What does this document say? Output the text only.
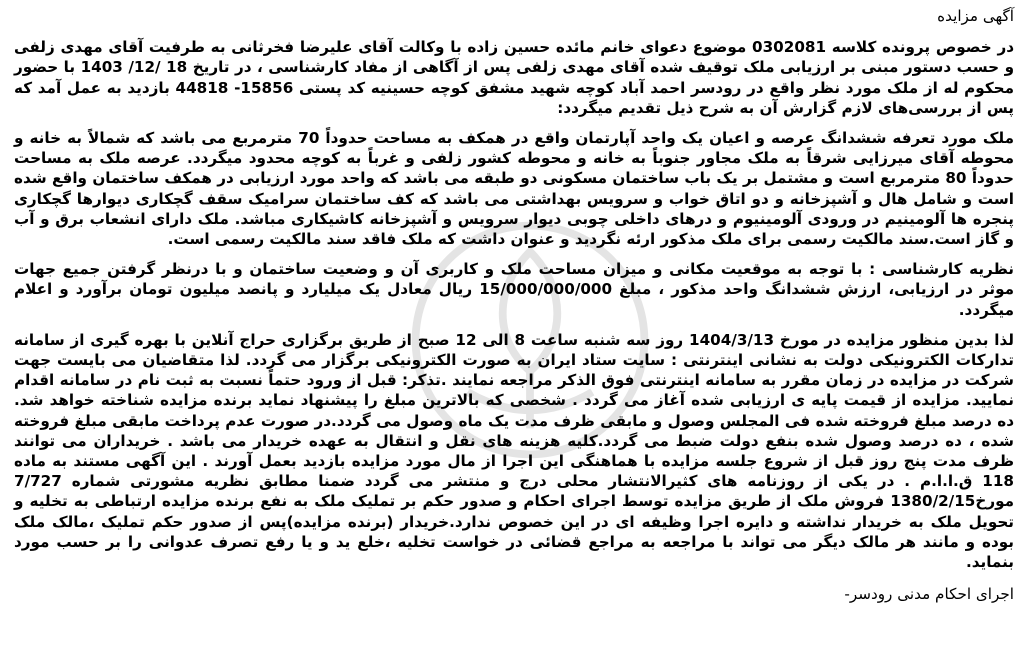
آگهی مزایده
در خصوص پرونده کلاسه 0302081 موضوع دعوای خانم مائده حسین زاده با وکالت آقای علیرضا فخرثانی به طرفیت آقای مهدی زلفی و حسب دستور مبنی بر ارزیابی ملک توقیف شده آقای مهدی زلفی پس از آگاهی از مفاد کارشناسی ، در تاریخ 18 /12/ 1403 با حضور محکوم له از ملک مورد نظر واقع در رودسر احمد آباد کوچه شهید مشفق کوچه حسینیه کد پستی 15856- 44818 بازدید به عمل آمد که پس از بررسی‌های لازم گزارش آن به شرح ذیل تقدیم میگردد:
ملک مورد تعرفه ششدانگ عرصه و اعیان یک واحد آپارتمان واقع در همکف به مساحت حدوداً 70 مترمربع می باشد که شمالاً به خانه و محوطه آقای میرزایی شرقاً به ملک مجاور جنوباً به خانه و محوطه کشور زلفی و غرباً به کوچه محدود میگردد. عرصه ملک به مساحت حدوداً 80 مترمربع است و مشتمل بر یک باب ساختمان مسکونی دو طبقه می باشد که واحد مورد ارزیابی در همکف ساختمان واقع شده است و شامل هال و آشپزخانه و دو اتاق خواب و سرویس بهداشتی می باشد که کف ساختمان سرامیک سقف گچکاری دیوارها گچکاری پنجره ها آلومینیم در ورودی آلومینیوم و درهای داخلی چوبی دیوار سرویس و آشپزخانه کاشیکاری مباشد. ملک دارای انشعاب برق و آب و گاز است.سند مالکیت رسمی برای ملک مذکور ارئه نگردید و عنوان داشت که ملک فاقد سند مالکیت رسمی است.
نظریه کارشناسی : با توجه به موقعیت مکانی و میزان مساحت ملک و کاربری آن و وضعیت ساختمان و با درنظر گرفتن جمیع جهات موثر در ارزیابی، ارزش ششدانگ واحد مذکور ، مبلغ 15/000/000/000 ریال معادل یک میلیارد و پانصد میلیون تومان برآورد و اعلام میگردد.
لذا بدین منظور مزایده در مورخ 1404/3/13 روز سه شنبه ساعت 8 الی 12 صبح از طریق برگزاری حراج آنلاین با بهره گیری از سامانه تدارکات الکترونیکی دولت به نشانی اینترنتی : سایت ستاد ایران به صورت الکترونیکی برگزار می گردد. لذا متقاضیان می بایست جهت شرکت در مزایده در زمان مقرر به سامانه اینترنتی فوق الذکر مراجعه نمایند .تذکر: قبل از ورود حتماً نسبت به ثبت نام در سامانه اقدام نمایید. مزایده از قیمت پایه ی ارزیابی شده آغاز می گردد . شخصی که بالاترین مبلغ را پیشنهاد نماید برنده مزایده شناخته خواهد شد. ده درصد مبلغ فروخته شده فی المجلس وصول و مابقی ظرف مدت یک ماه وصول می گردد.در صورت عدم پرداخت مابقی مبلغ فروخته شده ، ده درصد وصول شده بنفع دولت ضبط می گردد.کلیه هزینه های نقل و انتقال به عهده خریدار می باشد . خریداران می توانند ظرف مدت پنج روز قبل از شروع جلسه مزایده با هماهنگی این اجرا از مال مورد مزایده بازدید بعمل آورند . این آگهی مستند به ماده 118 ق.ا.ا.م . در یکی از روزنامه های کثیرالانتشار محلی درج و منتشر می گردد ضمنا مطابق نظریه مشورتی شماره 7/727 مورخ1380/2/15 فروش ملک از طریق مزایده توسط اجرای احکام و صدور حکم بر تملیک ملک به نفع برنده مزایده ارتباطی به تخلیه و تحویل ملک به خریدار نداشته و دایره اجرا وظیفه ای در این خصوص ندارد.خریدار (برنده مزایده)پس از صدور حکم تملیک ،مالک ملک بوده و مانند هر مالک دیگر می تواند با مراجعه به مراجع قضائی در خواست تخلیه ،خلع ید و یا رفع تصرف عدوانی را بر حسب مورد بنماید.
اجرای احکام مدنی رودسر-
